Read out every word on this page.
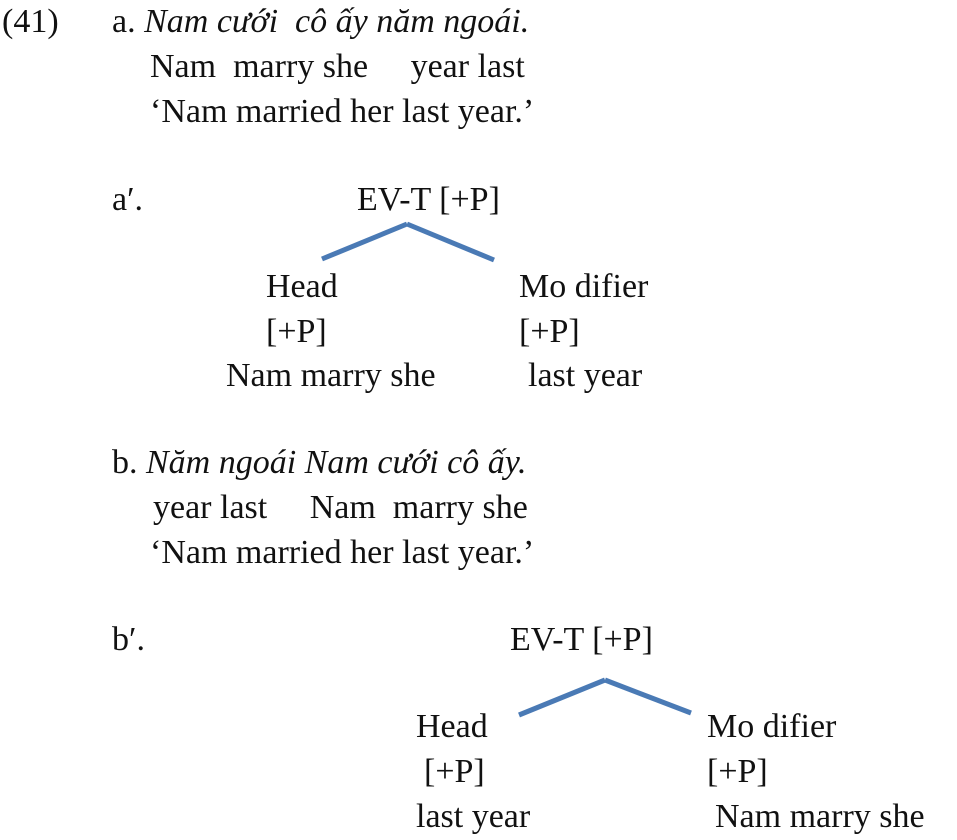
(41) a. Nam cưới  cô ấy năm ngoái.
Nam  marry she     year last
‘Nam married her last year.’
a′.	EV-T [+P]
Head	Mo difier
[+P]	[+P]
Nam marry she	last year
b. Năm ngoái Nam cưới cô ấy.
year last     Nam  marry she
‘Nam married her last year.’
b′.	EV-T [+P]
Head	Mo difier
[+P]	[+P]
last year	Nam marry she
